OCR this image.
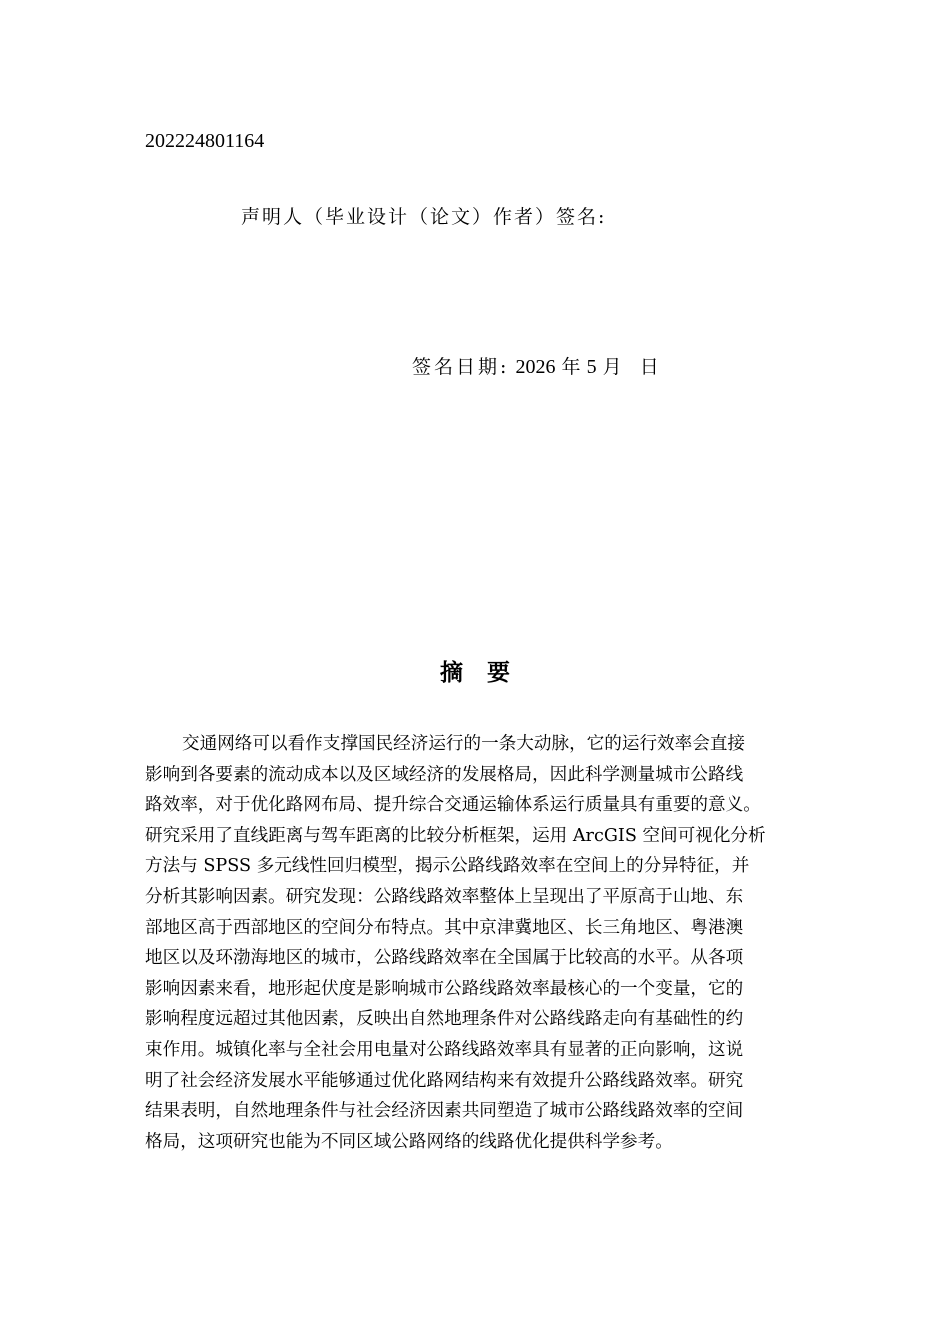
202224801164
声明人（毕业设计（论文）作者）签名:
签名日期: 2026 年 5 月 日
摘要
交通网络可以看作支撑国民经济运行的一条大动脉，它的运行效率会直接
影响到各要素的流动成本以及区域经济的发展格局，因此科学测量城市公路线
路效率，对于优化路网布局、提升综合交通运输体系运行质量具有重要的意义。
研究采用了直线距离与驾车距离的比较分析框架，运用 ArcGIS 空间可视化分析
方法与 SPSS 多元线性回归模型，揭示公路线路效率在空间上的分异特征，并
分析其影响因素。研究发现：公路线路效率整体上呈现出了平原高于山地、东
部地区高于西部地区的空间分布特点。其中京津冀地区、长三角地区、粤港澳
地区以及环渤海地区的城市，公路线路效率在全国属于比较高的水平。从各项
影响因素来看，地形起伏度是影响城市公路线路效率最核心的一个变量，它的
影响程度远超过其他因素，反映出自然地理条件对公路线路走向有基础性的约
束作用。城镇化率与全社会用电量对公路线路效率具有显著的正向影响，这说
明了社会经济发展水平能够通过优化路网结构来有效提升公路线路效率。研究
结果表明，自然地理条件与社会经济因素共同塑造了城市公路线路效率的空间
格局，这项研究也能为不同区域公路网络的线路优化提供科学参考。
